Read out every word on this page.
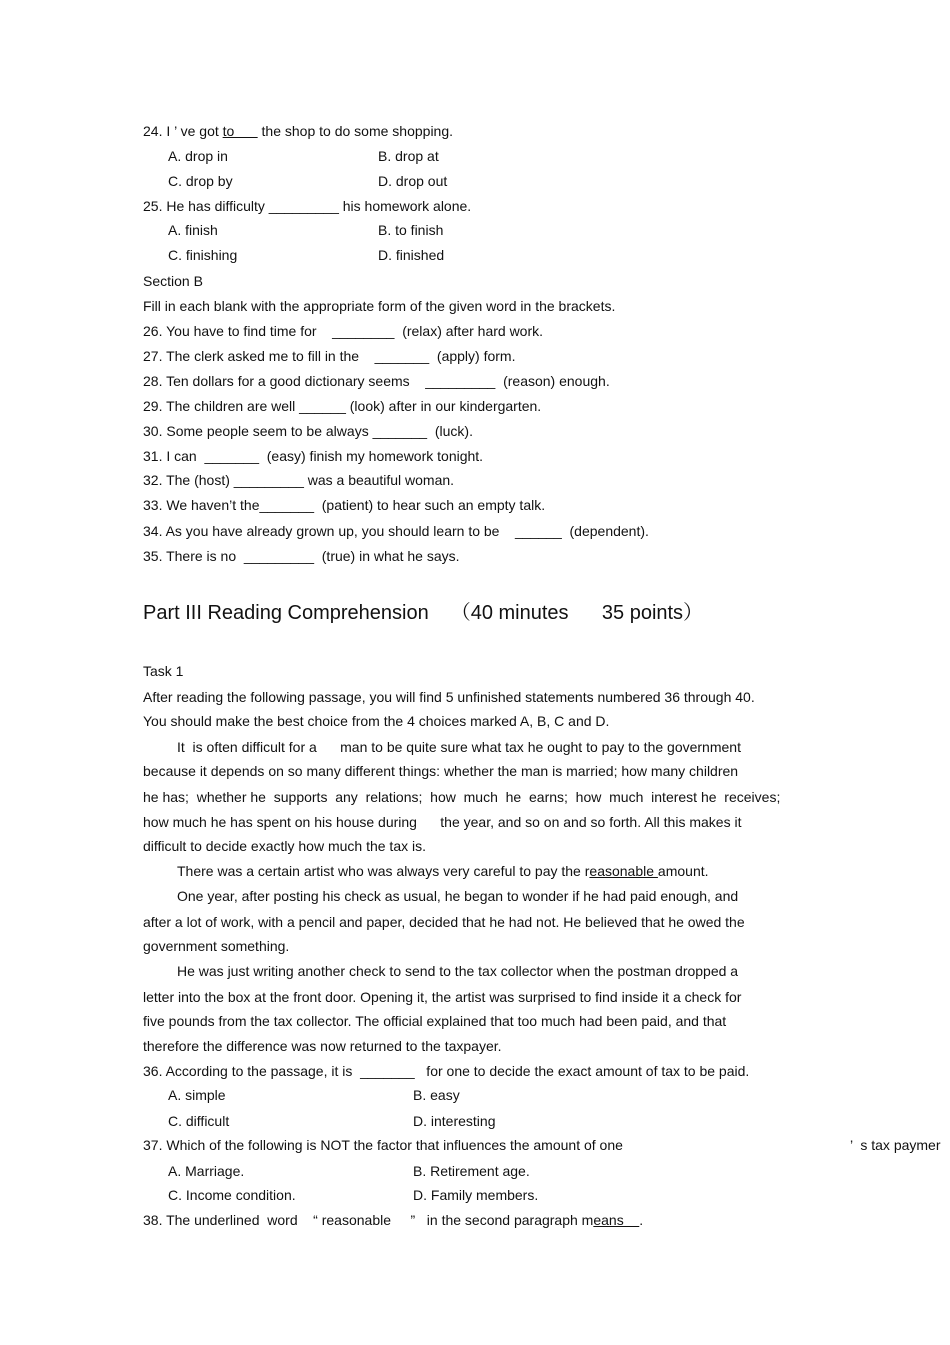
24. I ’ ve got to       the shop to do some shopping.
A. drop in	B. drop at
C. drop by	D. drop out
25. He has difficulty _________ his homework alone.
A. finish	B. to finish
C. finishing	D. finished
Section B
Fill in each blank with the appropriate form of the given word in the brackets.
26. You have to find time for    ________  (relax) after hard work.
27. The clerk asked me to fill in the    _______  (apply) form.
28. Ten dollars for a good dictionary seems    _________  (reason) enough.
29. The children are well ______ (look) after in our kindergarten.
30. Some people seem to be always _______  (luck).
31. I can  _______  (easy) finish my homework tonight.
32. The (host) _________ was a beautiful woman.
33. We haven’t the_______  (patient) to hear such an empty talk.
34. As you have already grown up, you should learn to be    ______  (dependent).
35. There is no  _________  (true) in what he says.
Part III Reading Comprehension （40 minutes      35 points）
Task 1
After reading the following passage, you will find 5 unfinished statements numbered 36 through 40.
You should make the best choice from the 4 choices marked A, B, C and D.
It  is often difficult for a      man to be quite sure what tax he ought to pay to the government
because it depends on so many different things: whether the man is married; how many children
he has;  whether he  supports  any  relations;  how  much  he  earns;  how  much  interest he  receives;
how much he has spent on his house during      the year, and so on and so forth. All this makes it
difficult to decide exactly how much the tax is.
There was a certain artist who was always very careful to pay the reasonable amount.
One year, after posting his check as usual, he began to wonder if he had paid enough, and
after a lot of work, with a pencil and paper, decided that he had not. He believed that he owed the
government something.
He was just writing another check to send to the tax collector when the postman dropped a
letter into the box at the front door. Opening it, the artist was surprised to find inside it a check for
five pounds from the tax collector. The official explained that too much had been paid, and that
therefore the difference was now returned to the taxpayer.
36. According to the passage, it is  _______   for one to decide the exact amount of tax to be paid.
A. simple	B. easy
C. difficult	D. interesting
37. Which of the following is NOT the factor that influences the amount of one	’  s tax paymer
A. Marriage.	B. Retirement age.
C. Income condition.	D. Family members.
38. The underlined  word    “ reasonable     ”   in the second paragraph means    .
